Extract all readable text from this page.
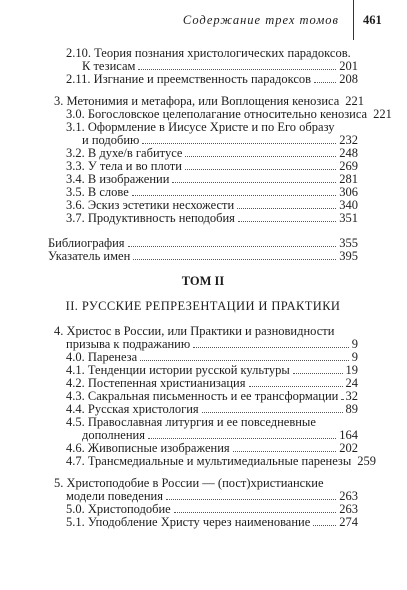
Содержание трех томов 461
2.10. Теория познания христологических парадоксов.
К тезисам	201
2.11. Изгнание и преемственность парадоксов 208
3. Метонимия и метафора, или Воплощения кенозиса 221
3.0. Богословское целеполагание относительно кенозиса 221
3.1. Оформление в Иисусе Христе и по Его образу
и подобию	232
3.2. В духе/в габитусе	248
3.3. У тела и во плоти	269
3.4. В изображении	281
3.5. В слове	306
3.6. Эскиз эстетики несхожести	340
3.7. Продуктивность неподобия	351
Библиография	355
Указатель имен	395
ТОМ II
II. РУССКИЕ РЕПРЕЗЕНТАЦИИ И ПРАКТИКИ
4. Христос в России, или Практики и разновидности
призыва к подражанию	9
4.0. Паренеза	9
4.1. Тенденции истории русской культуры	19
4.2. Постепенная христианизация	24
4.3. Сакральная письменность и ее трансформации 32
4.4. Русская христология	89
4.5. Православная литургия и ее повседневные
дополнения	164
4.6. Живописные изображения	202
4.7. Трансмедиальные и мультимедиальные паренезы 259
5. Христоподобие в России — (пост)христианские
модели поведения	263
5.0. Христоподобие	263
5.1. Уподобление Христу через наименование 274
